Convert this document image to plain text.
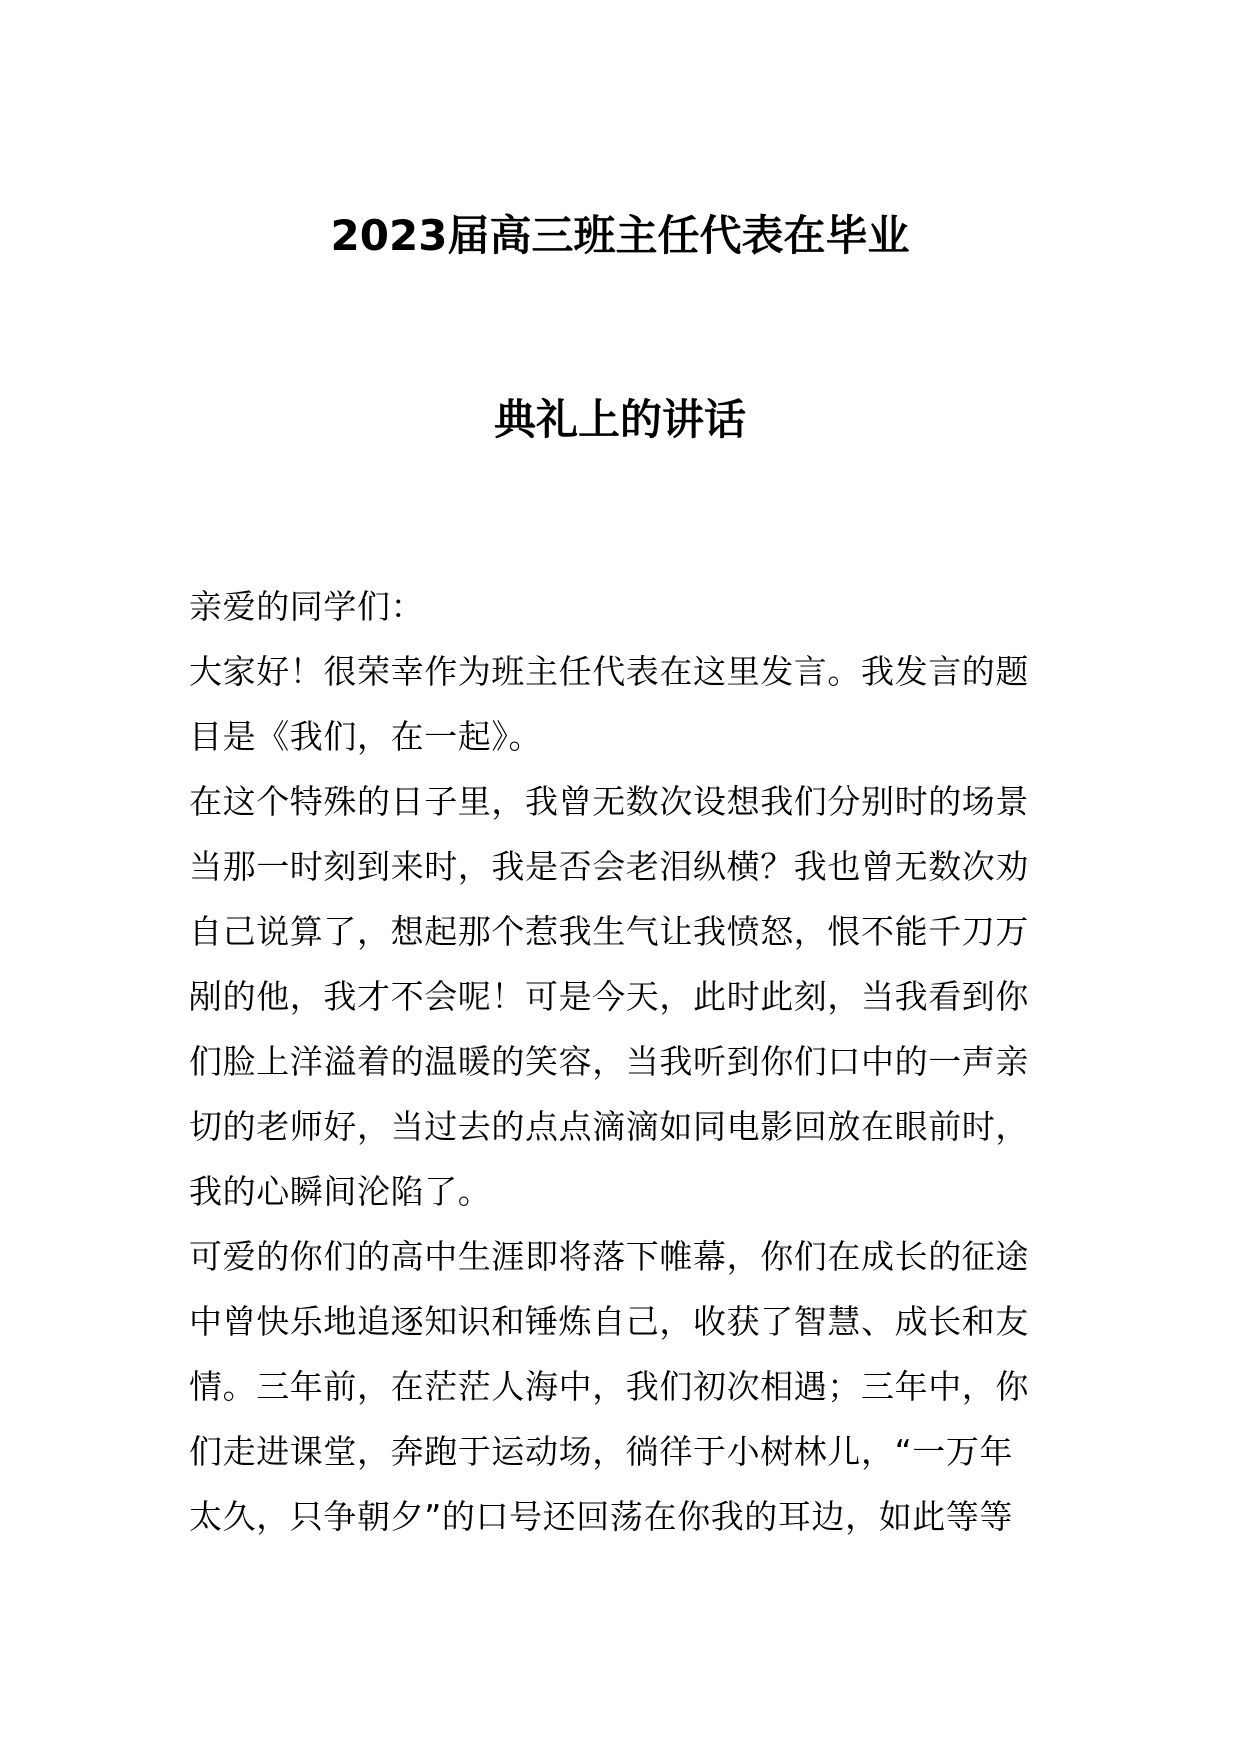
2023届高三班主任代表在毕业
典礼上的讲话
亲爱的同学们：
大家好！很荣幸作为班主任代表在这里发言。我发言的题
目是《我们，在一起》。
在这个特殊的日子里，我曾无数次设想我们分别时的场景
当那一时刻到来时，我是否会老泪纵横？我也曾无数次劝
自己说算了，想起那个惹我生气让我愤怒，恨不能千刀万
剐的他，我才不会呢！可是今天，此时此刻，当我看到你
们脸上洋溢着的温暖的笑容，当我听到你们口中的一声亲
切的老师好，当过去的点点滴滴如同电影回放在眼前时，
我的心瞬间沦陷了。
可爱的你们的高中生涯即将落下帷幕，你们在成长的征途
中曾快乐地追逐知识和锤炼自己，收获了智慧、成长和友
情。三年前，在茫茫人海中，我们初次相遇；三年中，你
们走进课堂，奔跑于运动场，徜徉于小树林儿，“一万年
太久，只争朝夕”的口号还回荡在你我的耳边，如此等等
